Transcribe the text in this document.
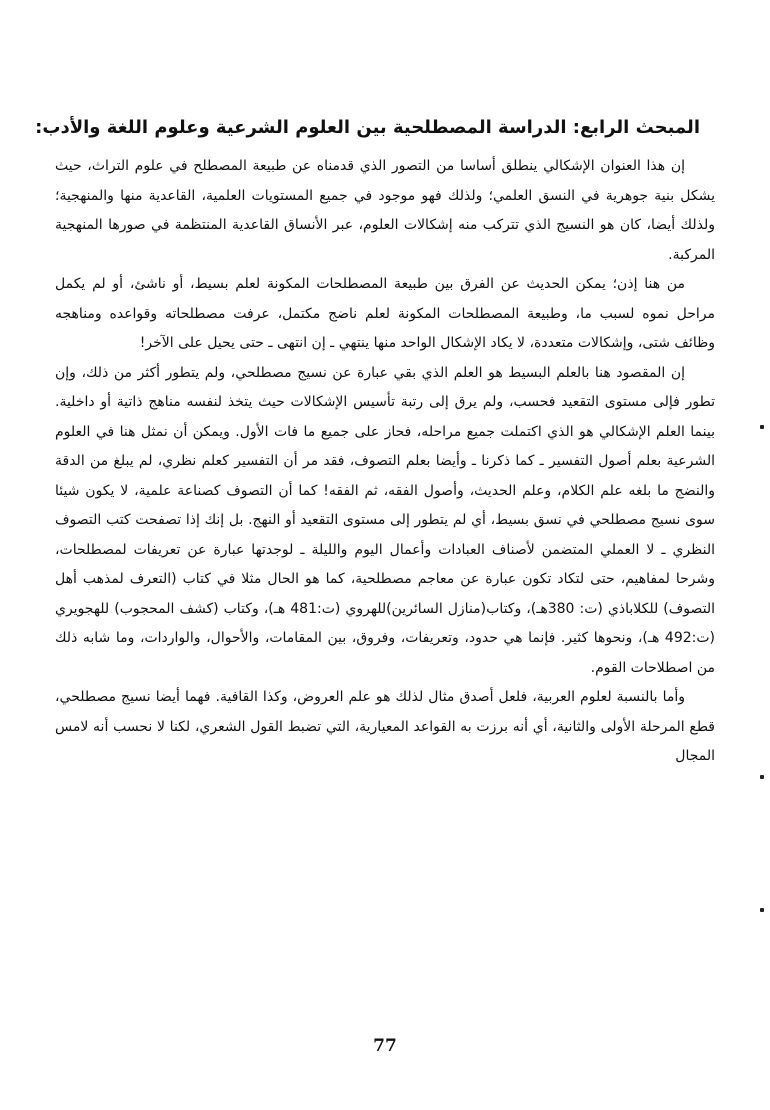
المبحث الرابع: الدراسة المصطلحية بين العلوم الشرعية وعلوم اللغة والأدب:

إن هذا العنوان الإشكالي ينطلق أساسا من التصور الذي قدمناه عن طبيعة المصطلح في علوم التراث، حيث يشكل بنية جوهرية في النسق العلمي؛ ولذلك فهو موجود في جميع المستويات العلمية، القاعدية منها والمنهجية؛ ولذلك أيضا، كان هو النسيج الذي تتركب منه إشكالات العلوم، عبر الأنساق القاعدية المنتظمة في صورها المنهجية المركبة.

من هنا إذن؛ يمكن الحديث عن الفرق بين طبيعة المصطلحات المكونة لعلم بسيط، أو ناشئ، أو لم يكمل مراحل نموه لسبب ما، وطبيعة المصطلحات المكونة لعلم ناضج مكتمل، عرفت مصطلحاته وقواعده ومناهجه وظائف شتى، وإشكالات متعددة، لا يكاد الإشكال الواحد منها ينتهي ـ إن انتهى ـ حتى يحيل على الآخر!

إن المقصود هنا بالعلم البسيط هو العلم الذي بقي عبارة عن نسيج مصطلحي، ولم يتطور أكثر من ذلك، وإن تطور فإلى مستوى التقعيد فحسب، ولم يرق إلى رتبة تأسيس الإشكالات حيث يتخذ لنفسه مناهج ذاتية أو داخلية. بينما العلم الإشكالي هو الذي اكتملت جميع مراحله، فحاز على جميع ما فات الأول. ويمكن أن نمثل هنا في العلوم الشرعية بعلم أصول التفسير ـ كما ذكرنا ـ وأيضا بعلم التصوف، فقد مر أن التفسير كعلم نظري، لم يبلغ من الدقة والنضج ما بلغه علم الكلام، وعلم الحديث، وأصول الفقه، ثم الفقه! كما أن التصوف كصناعة علمية، لا يكون شيئا سوى نسيج مصطلحي في نسق بسيط، أي لم يتطور إلى مستوى التقعيد أو النهج. بل إنك إذا تصفحت كتب التصوف النظري ـ لا العملي المتضمن لأصناف العبادات وأعمال اليوم والليلة ـ لوجدتها عبارة عن تعريفات لمصطلحات، وشرحا لمفاهيم، حتى لتكاد تكون عبارة عن معاجم مصطلحية، كما هو الحال مثلا في كتاب (التعرف لمذهب أهل التصوف) للكلاباذي (ت: 380هـ)، وكتاب(منازل السائرين)للهروي (ت:481 هـ)، وكتاب (كشف المحجوب) للهجويري (ت:492 هـ)، ونحوها كثير. فإنما هي حدود، وتعريفات، وفروق، بين المقامات، والأحوال، والواردات، وما شابه ذلك من اصطلاحات القوم.

وأما بالنسبة لعلوم العربية، فلعل أصدق مثال لذلك هو علم العروض، وكذا القافية. فهما أيضا نسيج مصطلحي، قطع المرحلة الأولى والثانية، أي أنه برزت به القواعد المعيارية، التي تضبط القول الشعري، لكنا لا نحسب أنه لامس المجال

77
